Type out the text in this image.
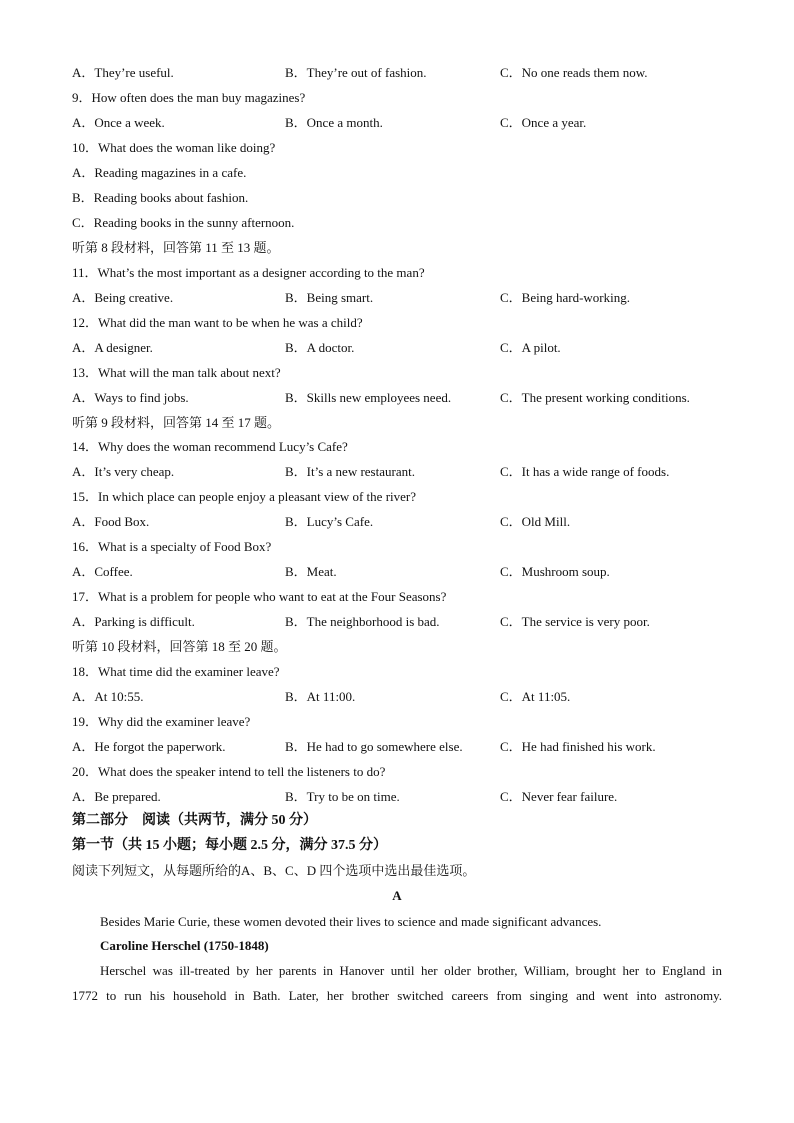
A．They’re useful.	B．They’re out of fashion.	C．No one reads them now.
9．How often does the man buy magazines?
A．Once a week.	B．Once a month.	C．Once a year.
10．What does the woman like doing?
A．Reading magazines in a cafe.
B．Reading books about fashion.
C．Reading books in the sunny afternoon.
听第 8 段材料，回答第 11 至 13 题。
11．What’s the most important as a designer according to the man?
A．Being creative.	B．Being smart.	C．Being hard-working.
12．What did the man want to be when he was a child?
A．A designer.	B．A doctor.	C．A pilot.
13．What will the man talk about next?
A．Ways to find jobs.	B．Skills new employees need.	C．The present working conditions.
听第 9 段材料，回答第 14 至 17 题。
14．Why does the woman recommend Lucy’s Cafe?
A．It’s very cheap.	B．It’s a new restaurant.	C．It has a wide range of foods.
15．In which place can people enjoy a pleasant view of the river?
A．Food Box.	B．Lucy’s Cafe.	C．Old Mill.
16．What is a specialty of Food Box?
A．Coffee.	B．Meat.	C．Mushroom soup.
17．What is a problem for people who want to eat at the Four Seasons?
A．Parking is difficult.	B．The neighborhood is bad.	C．The service is very poor.
听第 10 段材料，回答第 18 至 20 题。
18．What time did the examiner leave?
A．At 10:55.	B．At 11:00.	C．At 11:05.
19．Why did the examiner leave?
A．He forgot the paperwork.	B．He had to go somewhere else.	C．He had finished his work.
20．What does the speaker intend to tell the listeners to do?
A．Be prepared.	B．Try to be on time.	C．Never fear failure.
第二部分　阅读（共两节，满分 50 分）
第一节（共 15 小题；每小题 2.5 分，满分 37.5 分）
阅读下列短文，从每题所给的A、B、C、D 四个选项中选出最佳选项。
A
Besides Marie Curie, these women devoted their lives to science and made significant advances.
Caroline Herschel (1750-1848)
Herschel was ill-treated by her parents in Hanover until her older brother, William, brought her to England in
1772 to run his household in Bath. Later, her brother switched careers from singing and went into astronomy.
